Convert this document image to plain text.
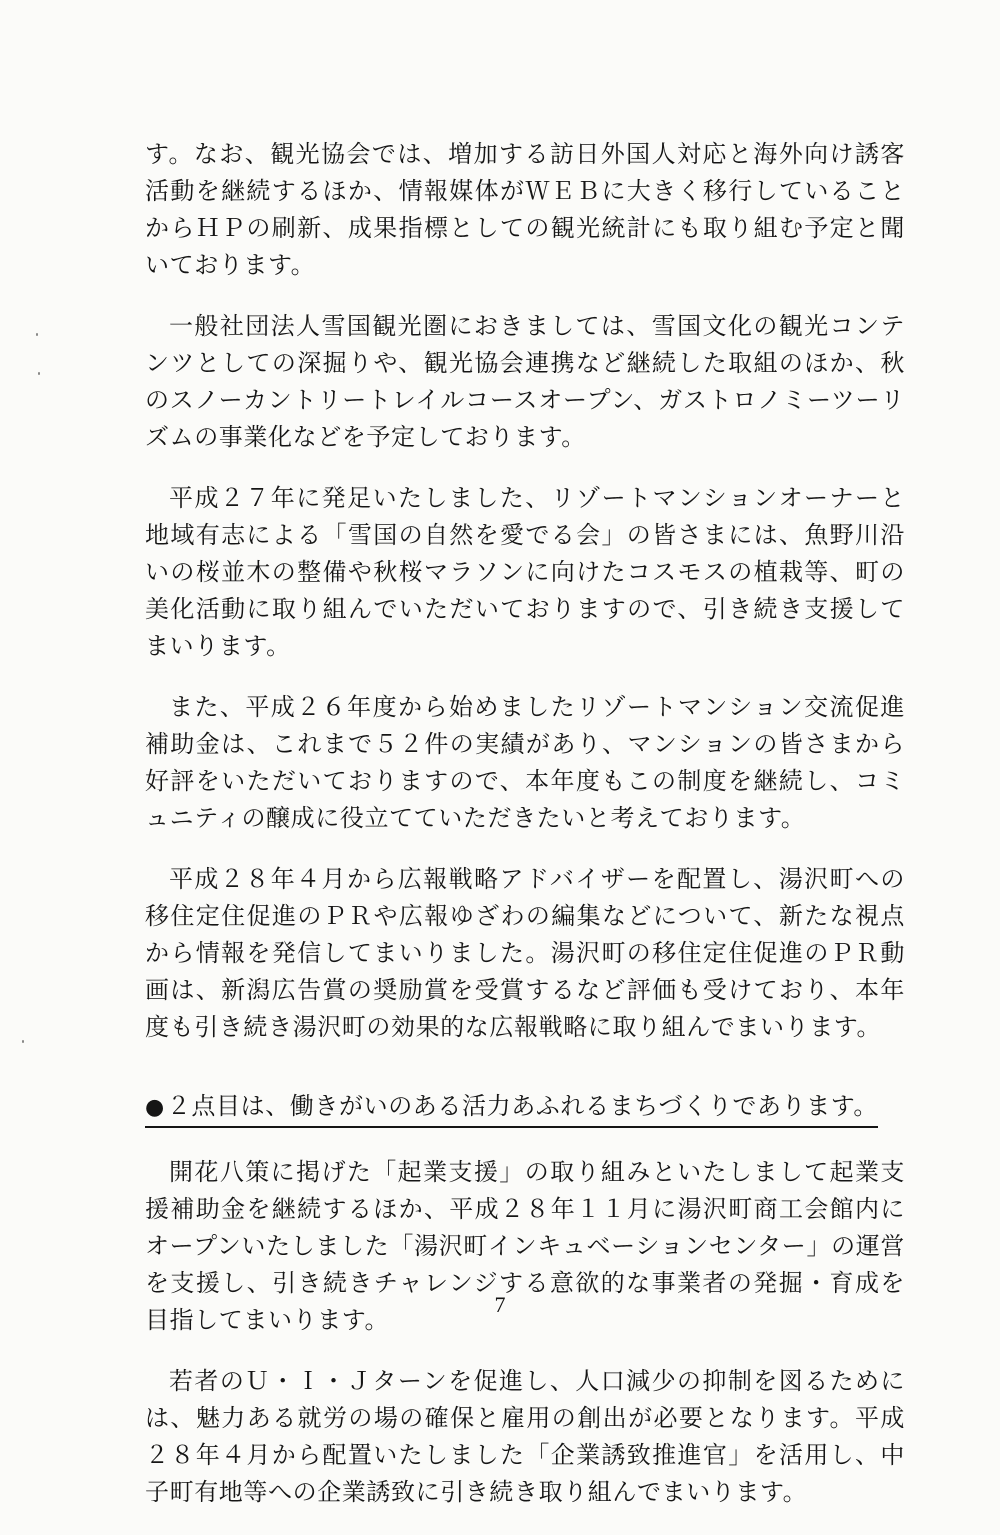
す。なお、観光協会では、増加する訪日外国人対応と海外向け誘客活動を継続するほか、情報媒体がＷＥＢに大きく移行していることからＨＰの刷新、成果指標としての観光統計にも取り組む予定と聞いております。

一般社団法人雪国観光圏におきましては、雪国文化の観光コンテンツとしての深掘りや、観光協会連携など継続した取組のほか、秋のスノーカントリートレイルコースオープン、ガストロノミーツーリズムの事業化などを予定しております。

平成２７年に発足いたしました、リゾートマンションオーナーと地域有志による「雪国の自然を愛でる会」の皆さまには、魚野川沿いの桜並木の整備や秋桜マラソンに向けたコスモスの植栽等、町の美化活動に取り組んでいただいておりますので、引き続き支援してまいります。

また、平成２６年度から始めましたリゾートマンション交流促進補助金は、これまで５２件の実績があり、マンションの皆さまから好評をいただいておりますので、本年度もこの制度を継続し、コミュニティの醸成に役立てていただきたいと考えております。

平成２８年４月から広報戦略アドバイザーを配置し、湯沢町への移住定住促進のＰＲや広報ゆざわの編集などについて、新たな視点から情報を発信してまいりました。湯沢町の移住定住促進のＰＲ動画は、新潟広告賞の奨励賞を受賞するなど評価も受けており、本年度も引き続き湯沢町の効果的な広報戦略に取り組んでまいります。

●２点目は、働きがいのある活力あふれるまちづくりであります。

開花八策に掲げた「起業支援」の取り組みといたしまして起業支援補助金を継続するほか、平成２８年１１月に湯沢町商工会館内にオープンいたしました「湯沢町インキュベーションセンター」の運営を支援し、引き続きチャレンジする意欲的な事業者の発掘・育成を目指してまいります。

若者のＵ・Ｉ・Ｊターンを促進し、人口減少の抑制を図るためには、魅力ある就労の場の確保と雇用の創出が必要となります。平成２８年４月から配置いたしました「企業誘致推進官」を活用し、中子町有地等への企業誘致に引き続き取り組んでまいります。

7
